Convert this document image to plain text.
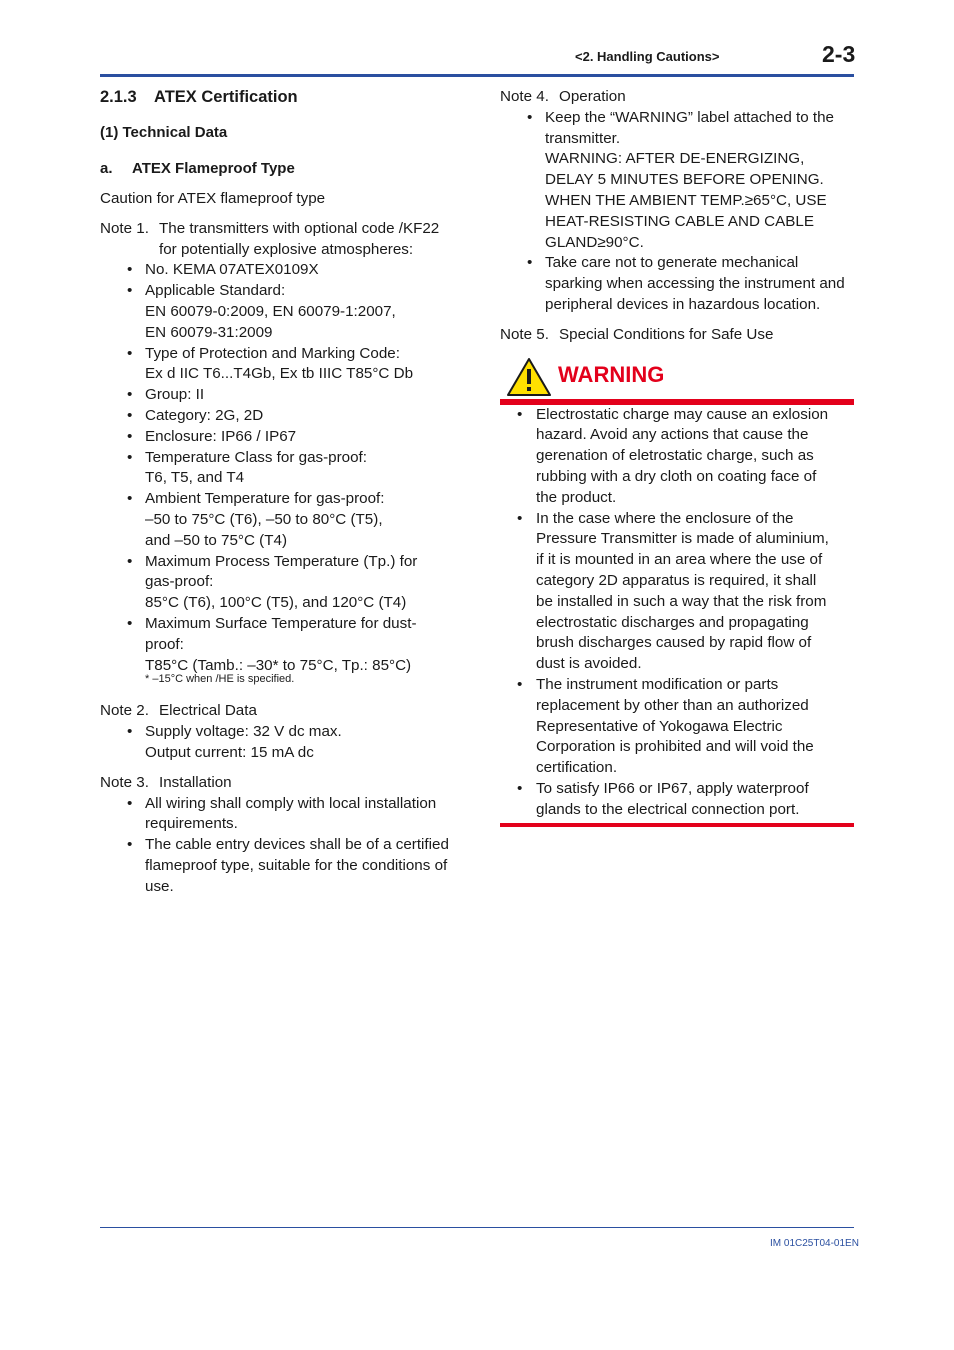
<2. Handling Cautions>	2-3
2.1.3 ATEX Certification
(1) Technical Data
a. ATEX Flameproof Type
Caution for ATEX flameproof type
Note 1. The transmitters with optional code /KF22
for potentially explosive atmospheres:
• No. KEMA 07ATEX0109X
• Applicable Standard:
EN 60079-0:2009, EN 60079-1:2007,
EN 60079-31:2009
• Type of Protection and Marking Code:
Ex d IIC T6...T4Gb, Ex tb IIIC T85°C Db
• Group: II
• Category: 2G, 2D
• Enclosure: IP66 / IP67
• Temperature Class for gas-proof:
T6, T5, and T4
• Ambient Temperature for gas-proof:
–50 to 75°C (T6), –50 to 80°C (T5),
and –50 to 75°C (T4)
• Maximum Process Temperature (Tp.) for
gas-proof:
85°C (T6), 100°C (T5), and 120°C (T4)
• Maximum Surface Temperature for dust-
proof:
T85°C (Tamb.: –30* to 75°C, Tp.: 85°C)
* –15°C when /HE is specified.
Note 2. Electrical Data
• Supply voltage: 32 V dc max.
Output current: 15 mA dc
Note 3. Installation
• All wiring shall comply with local installation
requirements.
• The cable entry devices shall be of a certified
flameproof type, suitable for the conditions of
use.
Note 4. Operation
• Keep the “WARNING” label attached to the
transmitter.
WARNING: AFTER DE-ENERGIZING,
DELAY 5 MINUTES BEFORE OPENING.
WHEN THE AMBIENT TEMP.≥65°C, USE
HEAT-RESISTING CABLE AND CABLE
GLAND≥90°C.
• Take care not to generate mechanical
sparking when accessing the instrument and
peripheral devices in hazardous location.
Note 5. Special Conditions for Safe Use
WARNING
• Electrostatic charge may cause an exlosion
hazard. Avoid any actions that cause the
gerenation of eletrostatic charge, such as
rubbing with a dry cloth on coating face of
the product.
• In the case where the enclosure of the
Pressure Transmitter is made of aluminium,
if it is mounted in an area where the use of
category 2D apparatus is required, it shall
be installed in such a way that the risk from
electrostatic discharges and propagating
brush discharges caused by rapid flow of
dust is avoided.
• The instrument modification or parts
replacement by other than an authorized
Representative of Yokogawa Electric
Corporation is prohibited and will void the
certification.
• To satisfy IP66 or IP67, apply waterproof
glands to the electrical connection port.
IM 01C25T04-01EN
